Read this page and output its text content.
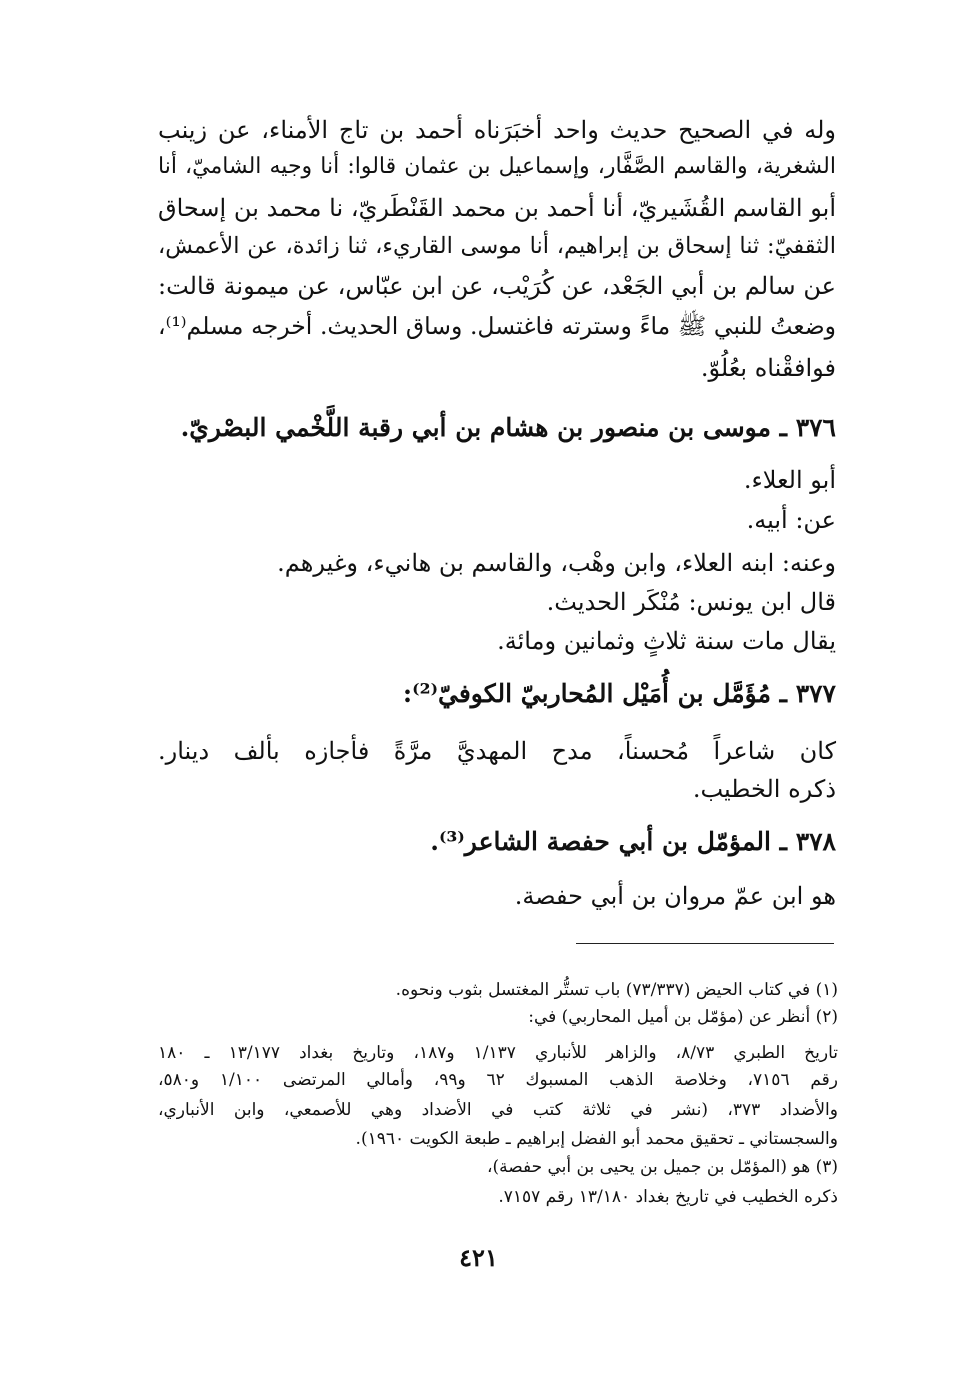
وله في الصحيح حديث واحد أخبَرَناه أحمد بن تاج الأمناء، عن زينب
الشغرية، والقاسم الصَّفَّار، وإسماعيل بن عثمان قالوا: أنا وجيه الشاميّ، أنا
أبو القاسم القُشَيريّ، أنا أحمد بن محمد القَنْطَريّ، نا محمد بن إسحاق
الثقفيّ: ثنا إسحاق بن إبراهيم، أنا موسى القاريء، ثنا زائدة، عن الأعمش،
عن سالم بن أبي الجَعْد، عن كُرَيْب، عن ابن عبّاس، عن ميمونة قالت:
وضعتُ للنبي ﷺ ماءً وسترته فاغتسل. وساق الحديث. أخرجه مسلم⁽¹⁾،
فوافقْناه بعُلُوّ.
٣٧٦ ـ موسى بن منصور بن هشام بن أبي رقبة اللَّخْمي البصْريّ.
أبو العلاء.
عن: أبيه.
وعنه: ابنه العلاء، وابن وهْب، والقاسم بن هانيء، وغيرهم.
قال ابن يونس: مُنْكَر الحديث.
يقال مات سنة ثلاثٍ وثمانين ومائة.
٣٧٧ ـ مُؤَمَّل بن أُمَيْل المُحاربيّ الكوفيّ⁽²⁾:
كان شاعراً مُحسناً، مدح المهديَّ مرَّةً فأجازه بألف دينار.
ذكره الخطيب.
٣٧٨ ـ المؤمّل بن أبي حفصة الشاعر⁽³⁾.
هو ابن عمّ مروان بن أبي حفصة.
(١) في كتاب الحيض (٧٣/٣٣٧) باب تستُّر المغتسل بثوب ونحوه.
(٢) أنظر عن (مؤمّل بن أميل المحاربي) في:
تاريخ الطبري ٨/٧٣، والزاهر للأنباري ١/١٣٧ و١٨٧، وتاريخ بغداد ١٣/١٧٧ ـ ١٨٠
رقم ٧١٥٦، وخلاصة الذهب المسبوك ٦٢ و٩٩، وأمالي المرتضى ١/١٠٠ و٥٨٠،
والأضداد ٣٧٣، (نشر في ثلاثة كتب في الأضداد وهي للأصمعي، وابن الأنباري،
والسجستاني ـ تحقيق محمد أبو الفضل إبراهيم ـ طبعة الكويت ١٩٦٠).
(٣) هو (المؤمّل بن جميل بن يحيى بن أبي حفصة)،
ذكره الخطيب في تاريخ بغداد ١٣/١٨٠ رقم ٧١٥٧.
٤٢١
